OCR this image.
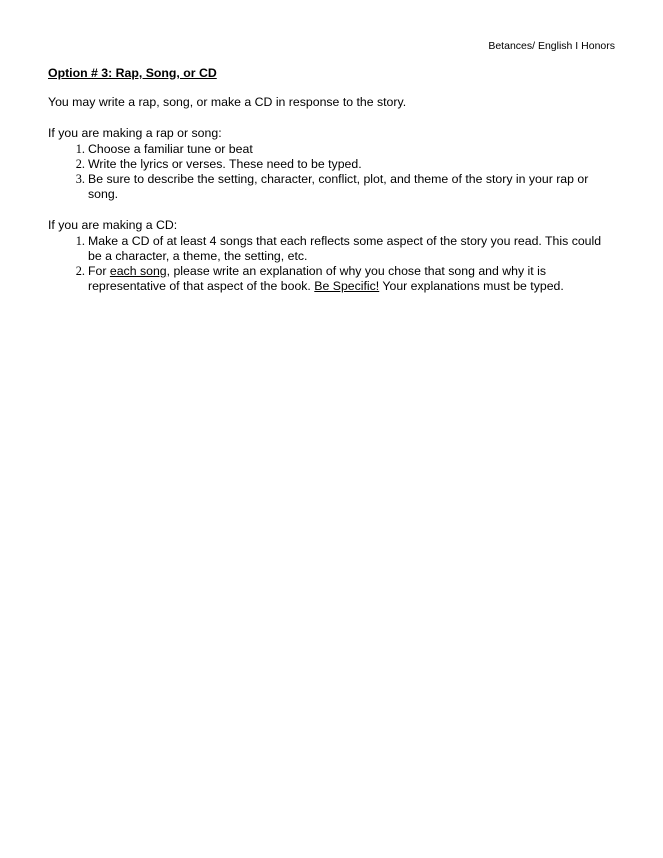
Betances/ English I Honors

Option # 3: Rap, Song, or CD

You may write a rap, song, or make a CD in response to the story.

If you are making a rap or song:

1. Choose a familiar tune or beat
2. Write the lyrics or verses. These need to be typed.
3. Be sure to describe the setting, character, conflict, plot, and theme of the story in your rap or song.

If you are making a CD:

1. Make a CD of at least 4 songs that each reflects some aspect of the story you read. This could be a character, a theme, the setting, etc.
2. For each song, please write an explanation of why you chose that song and why it is representative of that aspect of the book. Be Specific! Your explanations must be typed.
